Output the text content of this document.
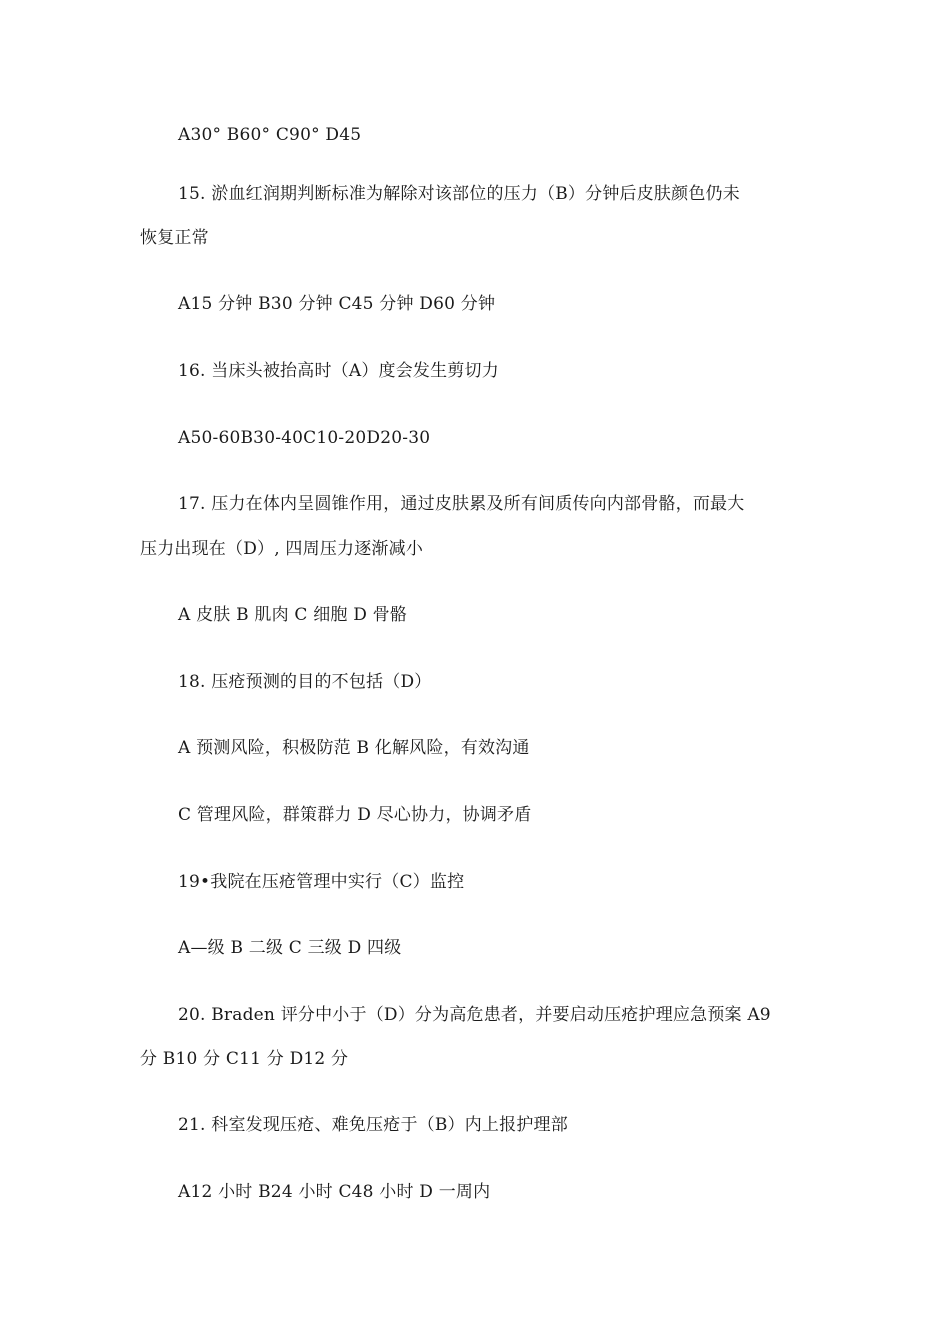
A30° B60° C90° D45
15. 淤血红润期判断标准为解除对该部位的压力（B）分钟后皮肤颜色仍未
恢复正常
A15 分钟 B30 分钟 C45 分钟 D60 分钟
16. 当床头被抬高时（A）度会发生剪切力
A50-60B30-40C10-20D20-30
17. 压力在体内呈圆锥作用，通过皮肤累及所有间质传向内部骨骼，而最大
压力出现在（D）, 四周压力逐渐减小
A 皮肤 B 肌肉 C 细胞 D 骨骼
18. 压疮预测的目的不包括（D）
A 预测风险，积极防范 B 化解风险，有效沟通
C 管理风险，群策群力 D 尽心协力，协调矛盾
19•我院在压疮管理中实行（C）监控
A—级 B 二级 C 三级 D 四级
20. Braden 评分中小于（D）分为高危患者，并要启动压疮护理应急预案 A9
分 B10 分 C11 分 D12 分
21. 科室发现压疮、难免压疮于（B）内上报护理部
A12 小时 B24 小时 C48 小时 D 一周内
